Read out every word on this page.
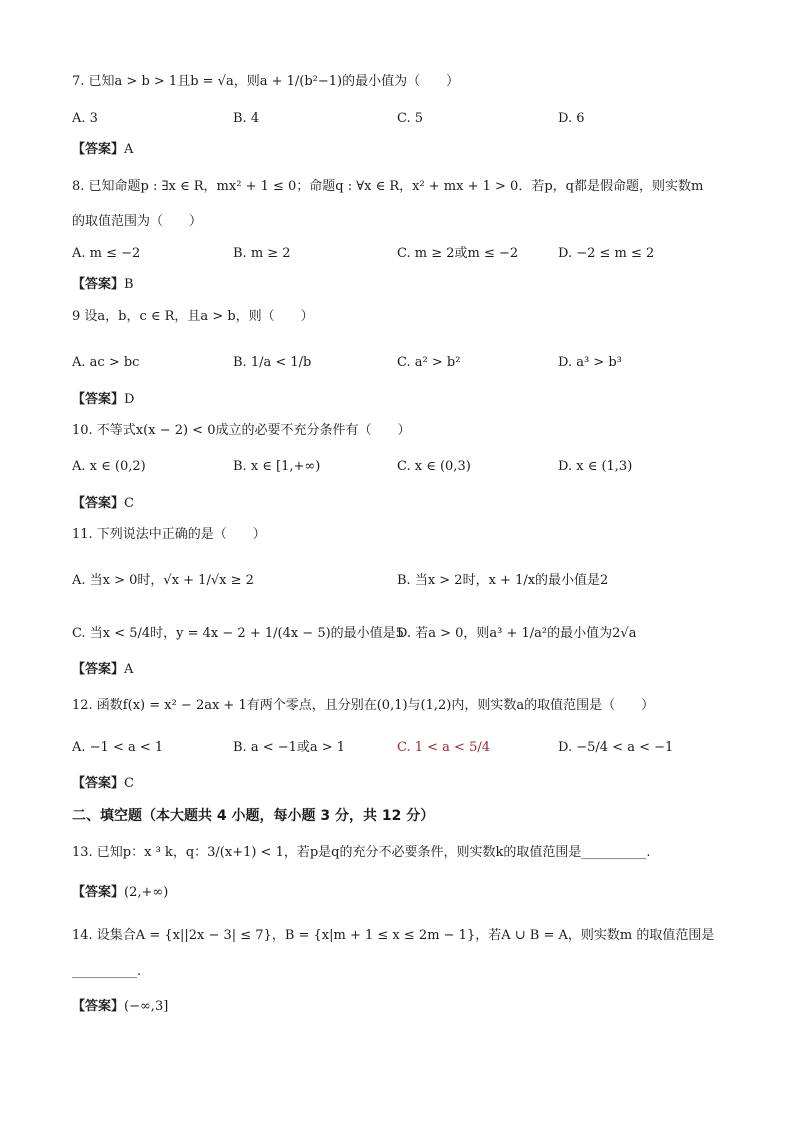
7. 已知a > b > 1且b = √a，则a + 1/(b²−1)的最小值为（　　）
A. 3	B. 4	C. 5	D. 6
【答案】A
8. 已知命题p : ∃x ∈ R，mx² + 1 ≤ 0；命题q : ∀x ∈ R，x² + mx + 1 > 0．若p，q都是假命题，则实数m
的取值范围为（　　）
A. m ≤ −2	B. m ≥ 2	C. m ≥ 2或m ≤ −2	D. −2 ≤ m ≤ 2
【答案】B
9 设a，b，c ∈ R，且a > b，则（　　）
A. ac > bc	B. 1/a < 1/b	C. a² > b²	D. a³ > b³
【答案】D
10. 不等式x(x − 2) < 0成立的必要不充分条件有（　　）
A. x ∈ (0,2)	B. x ∈ [1,+∞)	C. x ∈ (0,3)	D. x ∈ (1,3)
【答案】C
11. 下列说法中正确的是（　　）
A. 当x > 0时，√x + 1/√x ≥ 2	B. 当x > 2时，x + 1/x的最小值是2
C. 当x < 5/4时，y = 4x − 2 + 1/(4x − 5)的最小值是5
D. 若a > 0，则a³ + 1/a²的最小值为2√a
【答案】A
12. 函数f(x) = x² − 2ax + 1有两个零点，且分别在(0,1)与(1,2)内，则实数a的取值范围是（　　）
A. −1 < a < 1	B. a < −1或a > 1	C. 1 < a < 5/4	D. −5/4 < a < −1
【答案】C
二、填空题（本大题共 4 小题，每小题 3 分，共 12 分）
13. 已知p：x ³ k，q：3/(x+1) < 1，若p是q的充分不必要条件，则实数k的取值范围是__________.
【答案】(2,+∞)
14. 设集合A = {x||2x − 3| ≤ 7}，B = {x|m + 1 ≤ x ≤ 2m − 1}，若A ∪ B = A，则实数m 的取值范围是
__________.
【答案】(−∞,3]
